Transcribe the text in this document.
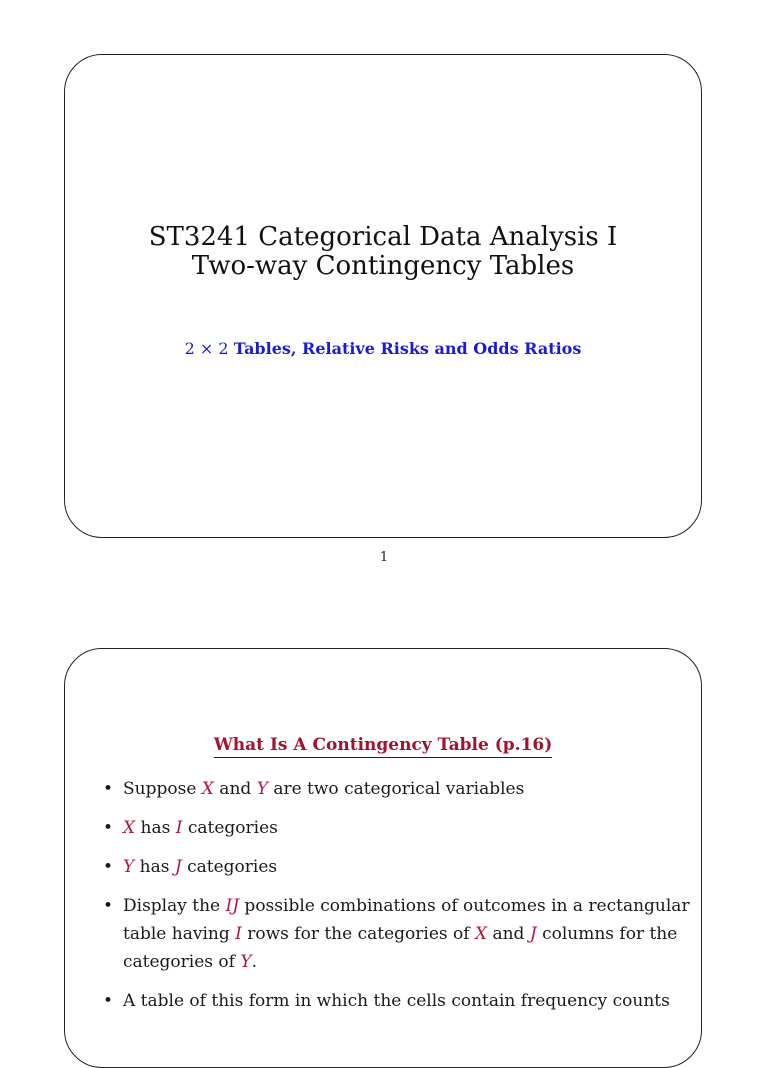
ST3241 Categorical Data Analysis I
Two-way Contingency Tables
2 × 2 Tables, Relative Risks and Odds Ratios
1
What Is A Contingency Table (p.16)
• Suppose X and Y are two categorical variables
• X has I categories
• Y has J categories
• Display the IJ possible combinations of outcomes in a rectangular table having I rows for the categories of X and J columns for the categories of Y.
• A table of this form in which the cells contain frequency counts
